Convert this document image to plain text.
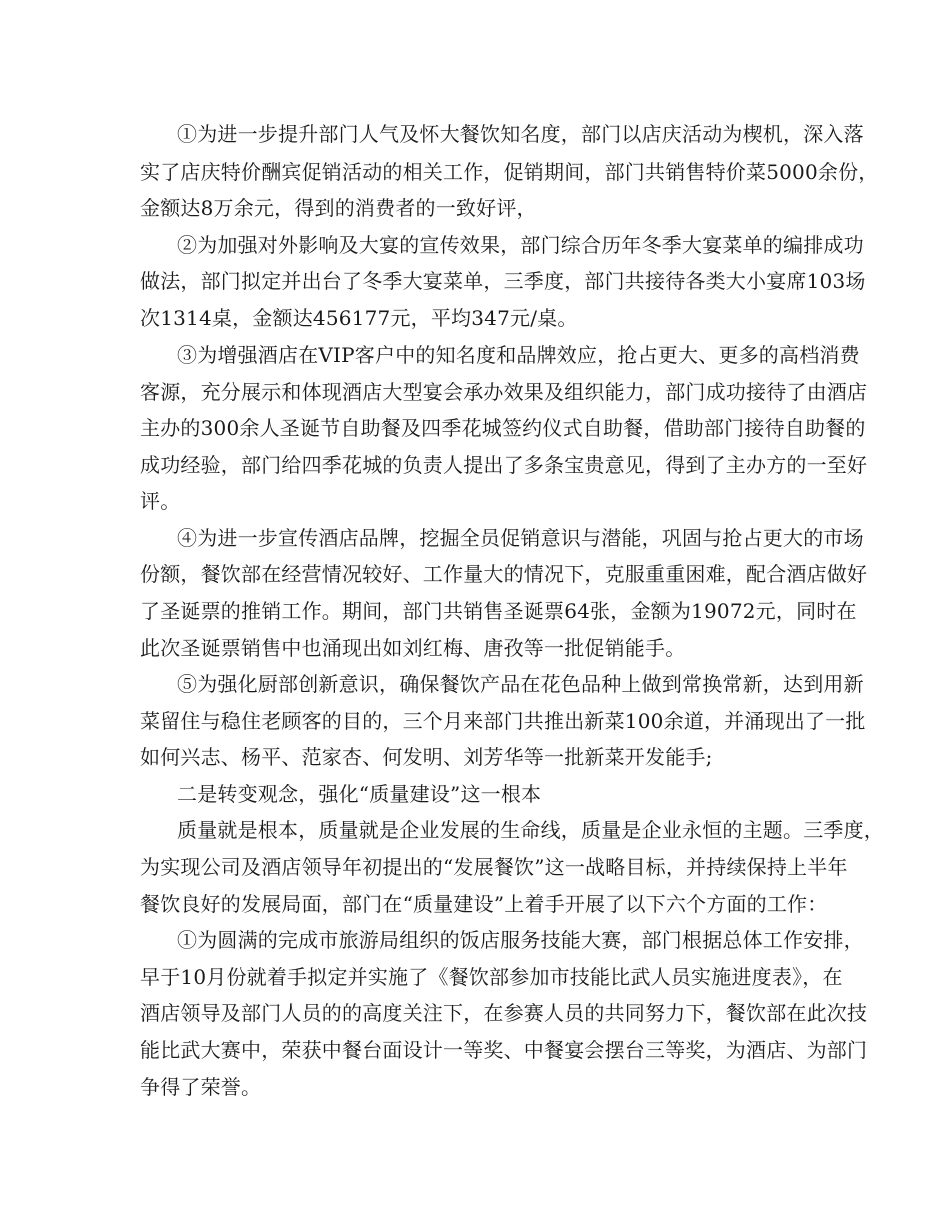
①为进一步提升部门人气及怀大餐饮知名度，部门以店庆活动为楔机，深入落
实了店庆特价酬宾促销活动的相关工作，促销期间，部门共销售特价菜5000余份，
金额达8万余元，得到的消费者的一致好评，
②为加强对外影响及大宴的宣传效果，部门综合历年冬季大宴菜单的编排成功
做法，部门拟定并出台了冬季大宴菜单，三季度，部门共接待各类大小宴席103场
次1314桌，金额达456177元，平均347元/桌。
③为增强酒店在VIP客户中的知名度和品牌效应，抢占更大、更多的高档消费
客源，充分展示和体现酒店大型宴会承办效果及组织能力，部门成功接待了由酒店
主办的300余人圣诞节自助餐及四季花城签约仪式自助餐，借助部门接待自助餐的
成功经验，部门给四季花城的负责人提出了多条宝贵意见，得到了主办方的一至好
评。
④为进一步宣传酒店品牌，挖掘全员促销意识与潜能，巩固与抢占更大的市场
份额，餐饮部在经营情况较好、工作量大的情况下，克服重重困难，配合酒店做好
了圣诞票的推销工作。期间，部门共销售圣诞票64张，金额为19072元，同时在
此次圣诞票销售中也涌现出如刘红梅、唐孜等一批促销能手。
⑤为强化厨部创新意识，确保餐饮产品在花色品种上做到常换常新，达到用新
菜留住与稳住老顾客的目的，三个月来部门共推出新菜100余道，并涌现出了一批
如何兴志、杨平、范家杏、何发明、刘芳华等一批新菜开发能手;
二是转变观念，强化“质量建设”这一根本
质量就是根本，质量就是企业发展的生命线，质量是企业永恒的主题。三季度，
为实现公司及酒店领导年初提出的“发展餐饮”这一战略目标，并持续保持上半年
餐饮良好的发展局面，部门在“质量建设”上着手开展了以下六个方面的工作：
①为圆满的完成市旅游局组织的饭店服务技能大赛，部门根据总体工作安排，
早于10月份就着手拟定并实施了《餐饮部参加市技能比武人员实施进度表》，在
酒店领导及部门人员的的高度关注下，在参赛人员的共同努力下，餐饮部在此次技
能比武大赛中，荣获中餐台面设计一等奖、中餐宴会摆台三等奖，为酒店、为部门
争得了荣誉。
